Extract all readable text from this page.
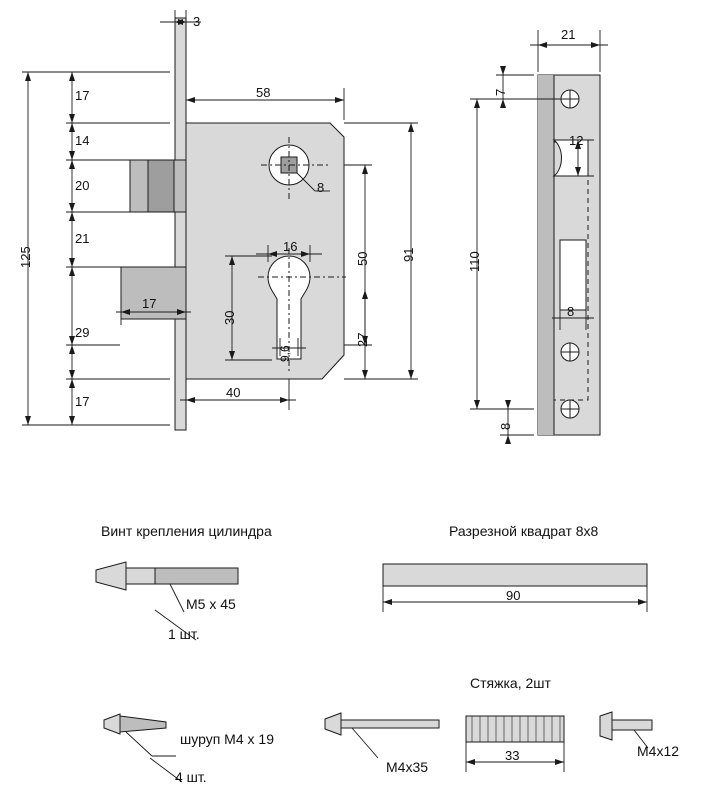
3
17
14
20
21
29
17
125
17
58
8
50 91
16
30
9,6
27
40
21
7
12
110
8
8
Винт крепления цилиндра
M5 x 45
1 шт.
Разрезной квадрат 8х8
90
шуруп M4 х 19
4 шт.
Стяжка, 2шт
M4x35
33	M4x12
